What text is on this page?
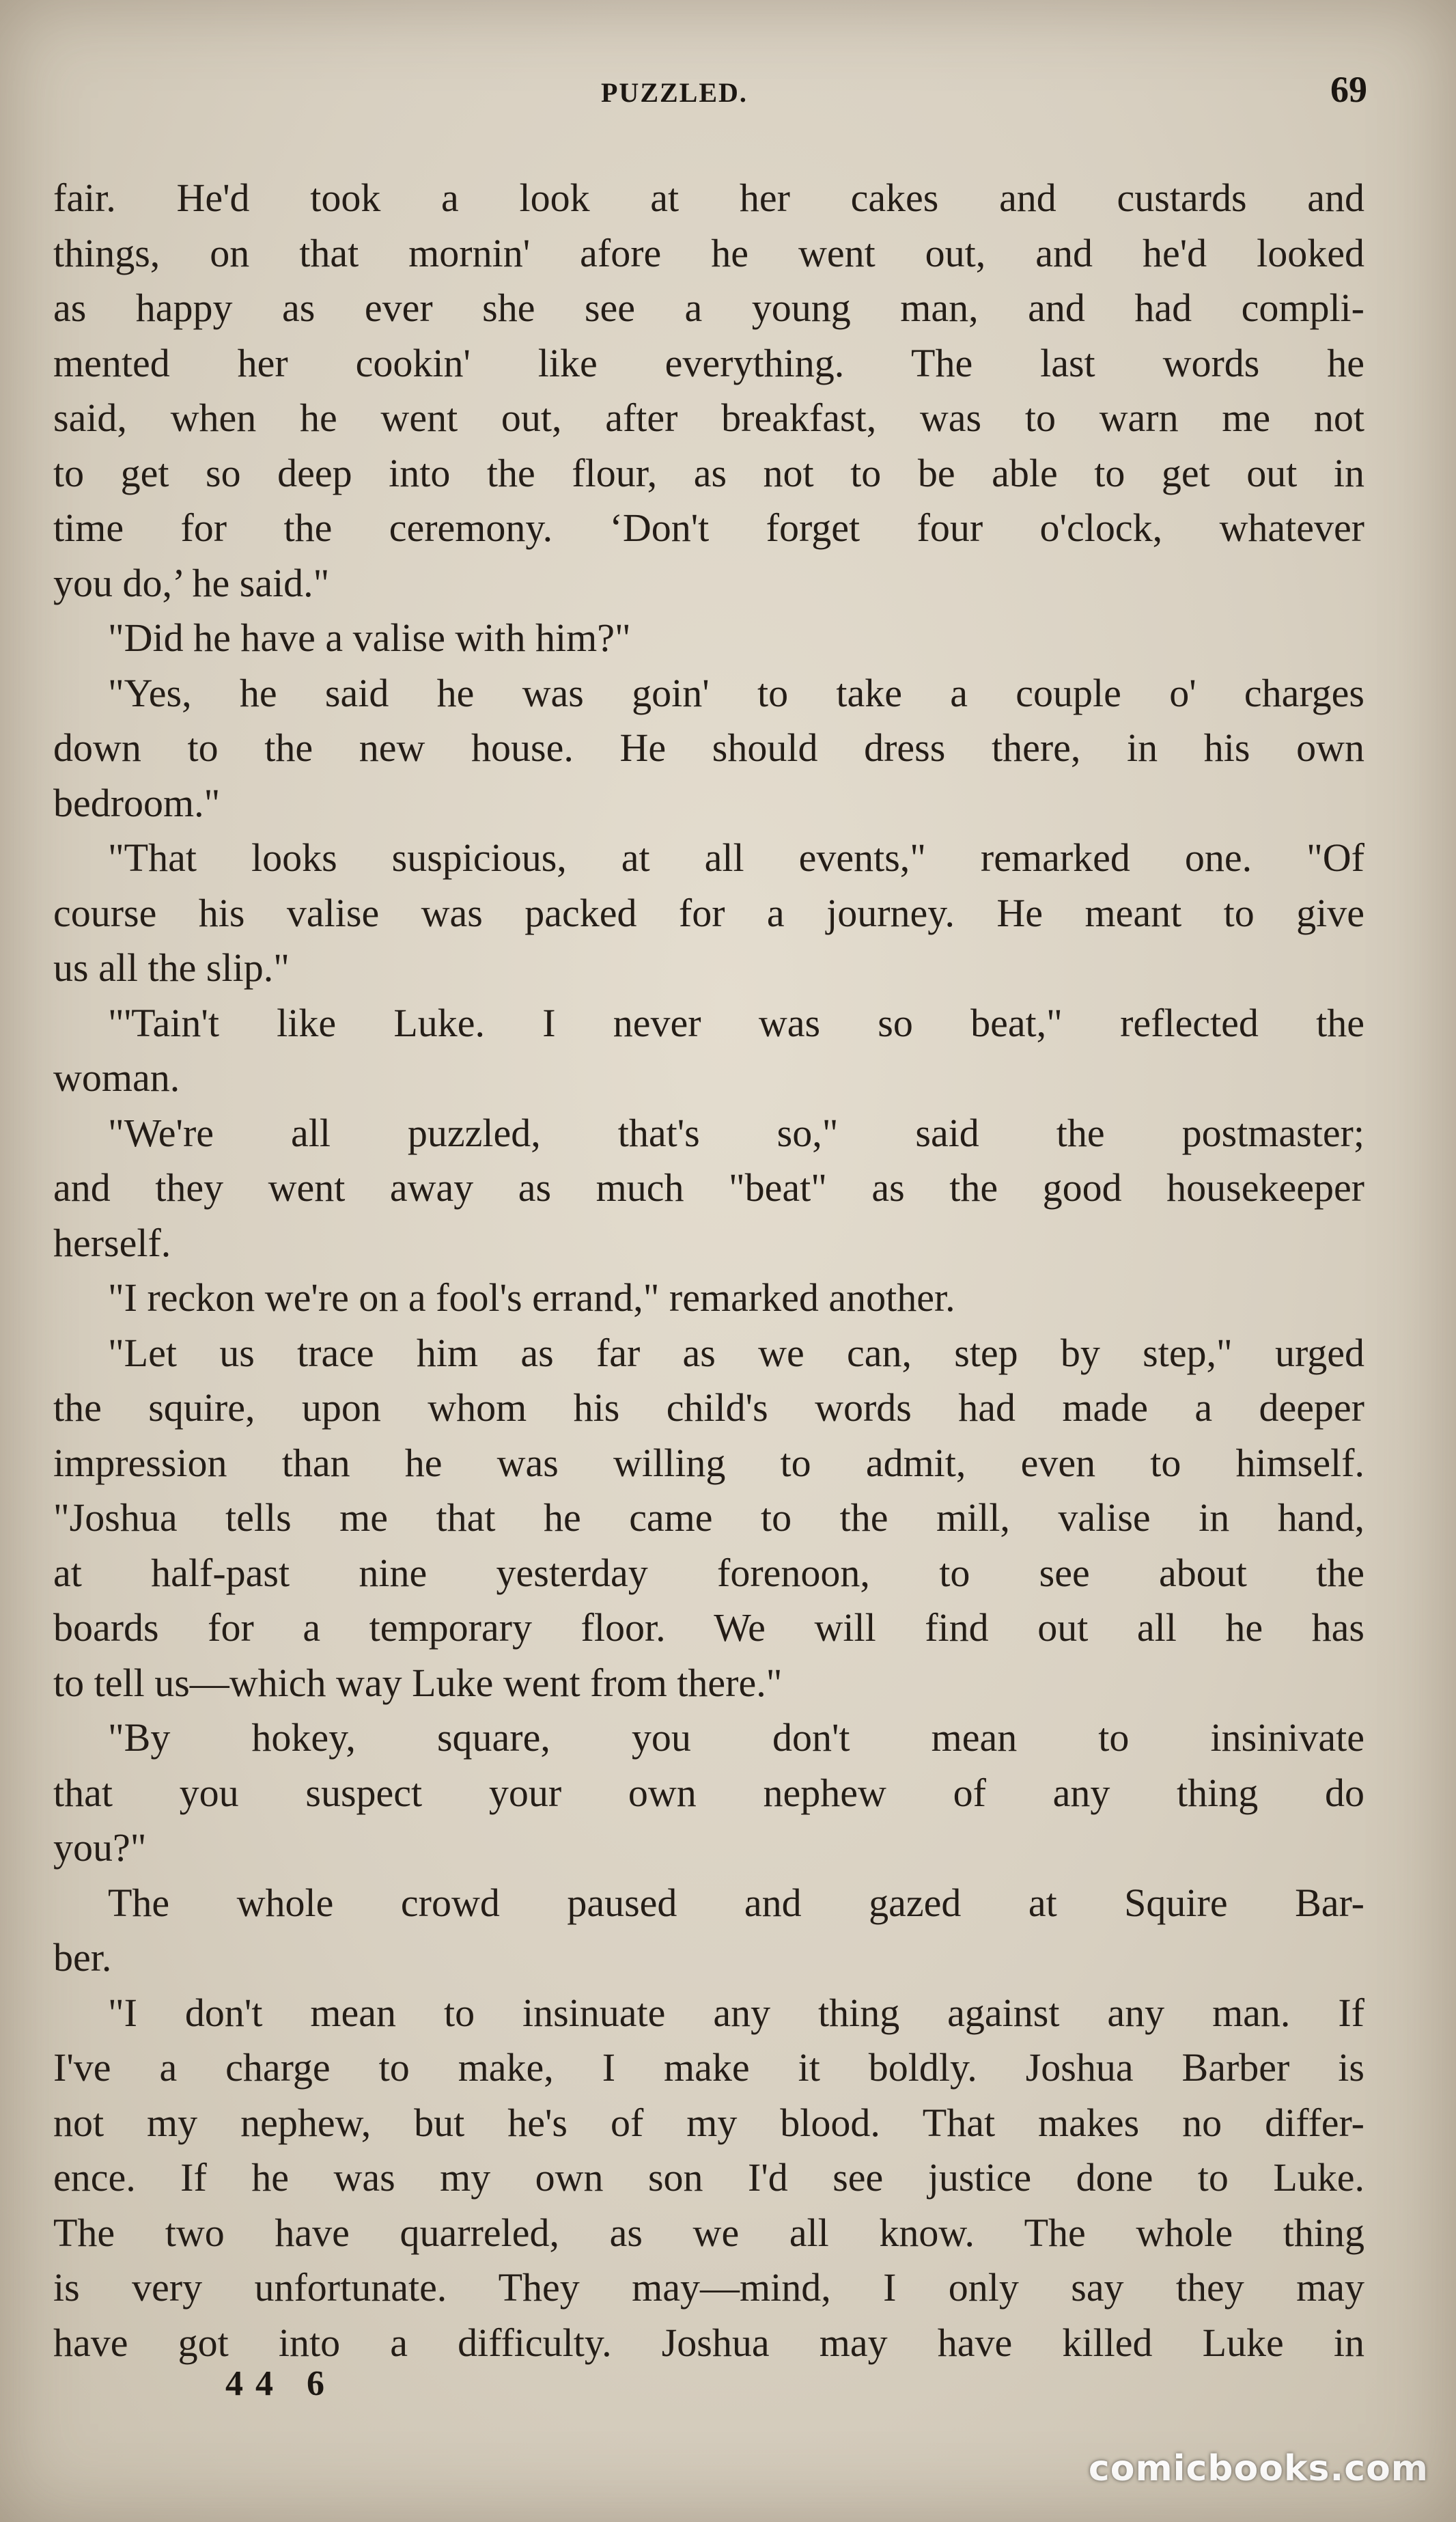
PUZZLED.	69
fair. He'd took a look at her cakes and custards and
things, on that mornin' afore he went out, and he'd looked
as happy as ever she see a young man, and had compli-
mented her cookin' like everything. The last words he
said, when he went out, after breakfast, was to warn me not
to get so deep into the flour, as not to be able to get out in
time for the ceremony. ‘Don't forget four o'clock, whatever
you do,’ he said."
"Did he have a valise with him?"
"Yes, he said he was goin' to take a couple o' charges
down to the new house. He should dress there, in his own
bedroom."
"That looks suspicious, at all events," remarked one. "Of
course his valise was packed for a journey. He meant to give
us all the slip."
"'Tain't like Luke. I never was so beat," reflected the
woman.
"We're all puzzled, that's so," said the postmaster;
and they went away as much "beat" as the good housekeeper
herself.
"I reckon we're on a fool's errand," remarked another.
"Let us trace him as far as we can, step by step," urged
the squire, upon whom his child's words had made a deeper
impression than he was willing to admit, even to himself.
"Joshua tells me that he came to the mill, valise in hand,
at half-past nine yesterday forenoon, to see about the
boards for a temporary floor. We will find out all he has
to tell us—which way Luke went from there."
"By hokey, square, you don't mean to insinivate
that you suspect your own nephew of any thing do
you?"
The whole crowd paused and gazed at Squire Bar-
ber.
"I don't mean to insinuate any thing against any man. If
I've a charge to make, I make it boldly. Joshua Barber is
not my nephew, but he's of my blood. That makes no differ-
ence. If he was my own son I'd see justice done to Luke.
The two have quarreled, as we all know. The whole thing
is very unfortunate. They may—mind, I only say they may
have got into a difficulty. Joshua may have killed Luke in
44 6
comicbooks.com
